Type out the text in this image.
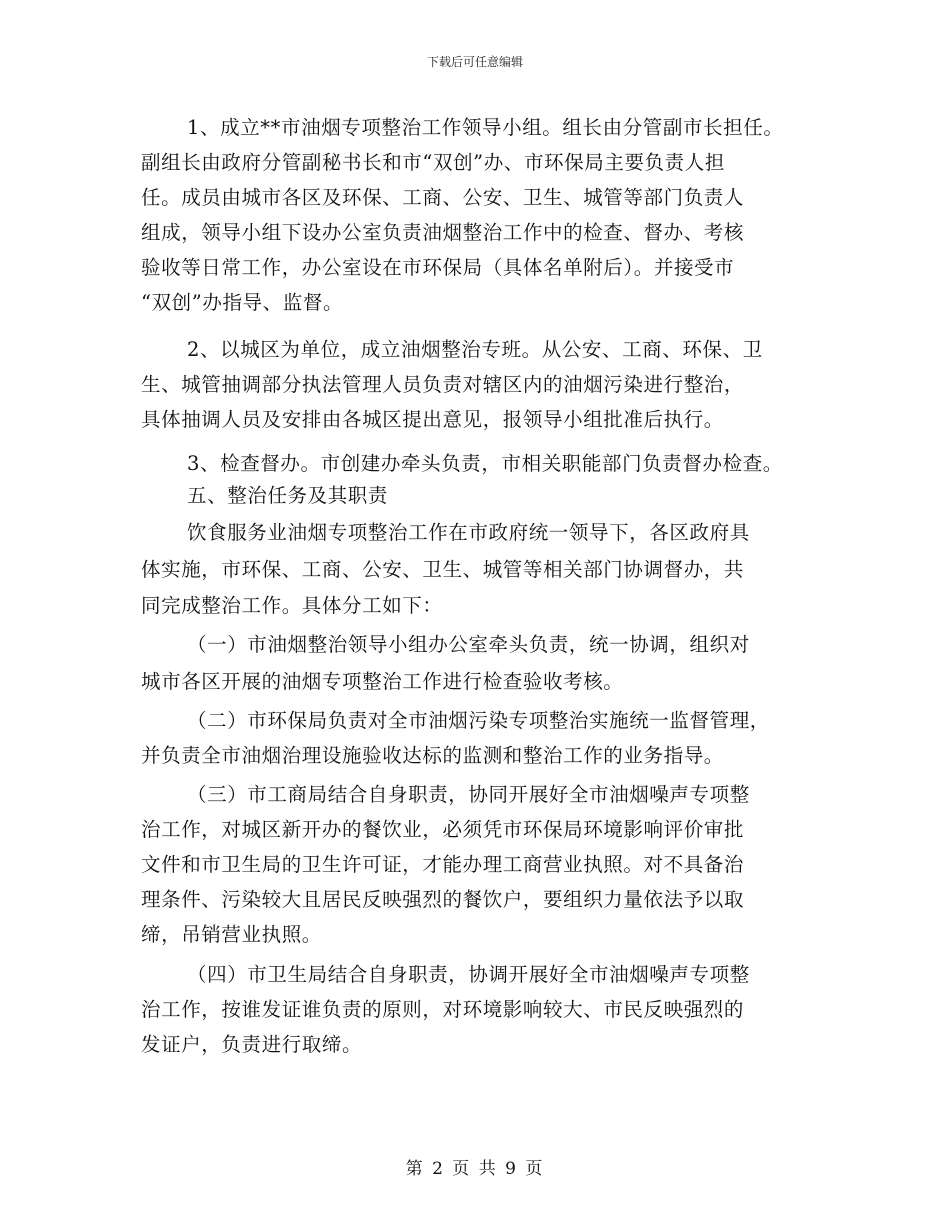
下载后可任意编辑
1、成立**市油烟专项整治工作领导小组。组长由分管副市长担任。
副组长由政府分管副秘书长和市“双创”办、市环保局主要负责人担
任。成员由城市各区及环保、工商、公安、卫生、城管等部门负责人
组成，领导小组下设办公室负责油烟整治工作中的检查、督办、考核
验收等日常工作，办公室设在市环保局（具体名单附后）。并接受市
“双创”办指导、监督。
2、以城区为单位，成立油烟整治专班。从公安、工商、环保、卫
生、城管抽调部分执法管理人员负责对辖区内的油烟污染进行整治，
具体抽调人员及安排由各城区提出意见，报领导小组批准后执行。
3、检查督办。市创建办牵头负责，市相关职能部门负责督办检查。
五、整治任务及其职责
饮食服务业油烟专项整治工作在市政府统一领导下，各区政府具
体实施，市环保、工商、公安、卫生、城管等相关部门协调督办，共
同完成整治工作。具体分工如下：
（一）市油烟整治领导小组办公室牵头负责，统一协调，组织对
城市各区开展的油烟专项整治工作进行检查验收考核。
（二）市环保局负责对全市油烟污染专项整治实施统一监督管理，
并负责全市油烟治理设施验收达标的监测和整治工作的业务指导。
（三）市工商局结合自身职责，协同开展好全市油烟噪声专项整
治工作，对城区新开办的餐饮业，必须凭市环保局环境影响评价审批
文件和市卫生局的卫生许可证，才能办理工商营业执照。对不具备治
理条件、污染较大且居民反映强烈的餐饮户，要组织力量依法予以取
缔，吊销营业执照。
（四）市卫生局结合自身职责，协调开展好全市油烟噪声专项整
治工作，按谁发证谁负责的原则，对环境影响较大、市民反映强烈的
发证户，负责进行取缔。
第 2 页 共 9 页
